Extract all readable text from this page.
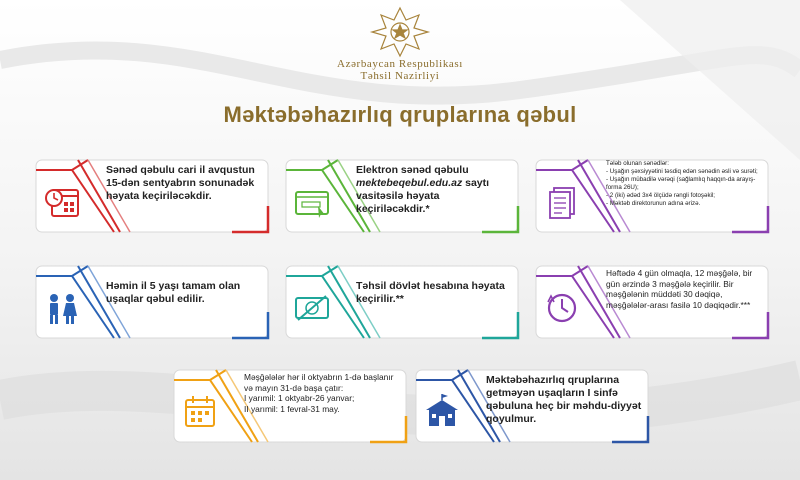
Azərbaycan Respublikası
Təhsil Nazirliyi
Məktəbəhazırlıq qruplarına qəbul
Sənəd qəbulu cari il avqustun 15-dən sentyabrın sonunadək həyata keçiriləcəkdir.
Elektron sənəd qəbulu mektebeqebul.edu.az saytı vasitəsilə həyata keçiriləcəkdir.*
Tələb olunan sənədlər:
- Uşağın şəxsiyyətini təsdiq edən sənədin əsli və surəti;
- Uşağın mübadilə vərəqi (sağlamlıq haqqın-da arayış-forma 26U);
- 2 (iki) ədəd 3x4 ölçüdə rəngli fotoşəkil;
- Məktəb direktorunun adına ərizə.
Həmin il 5 yaşı tamam olan uşaqlar qəbul edilir.
Təhsil dövlət hesabına həyata keçirilir.**
Həftədə 4 gün olmaqla, 12 məşğələ, bir gün ərzində 3 məşğələ keçirilir. Bir məşğələnin müddəti 30 dəqiqə, məşğələlər-arası fasilə 10 dəqiqədir.***
Məşğələlər hər il oktyabrın 1-də başlanır və mayın 31-də başa çatır:
I yarımil: 1 oktyabr-26 yanvar;
II yarımil: 1 fevral-31 may.
Məktəbəhazırlıq qruplarına getməyən uşaqların I sinfə qəbuluna heç bir məhdu-diyyət qoyulmur.
